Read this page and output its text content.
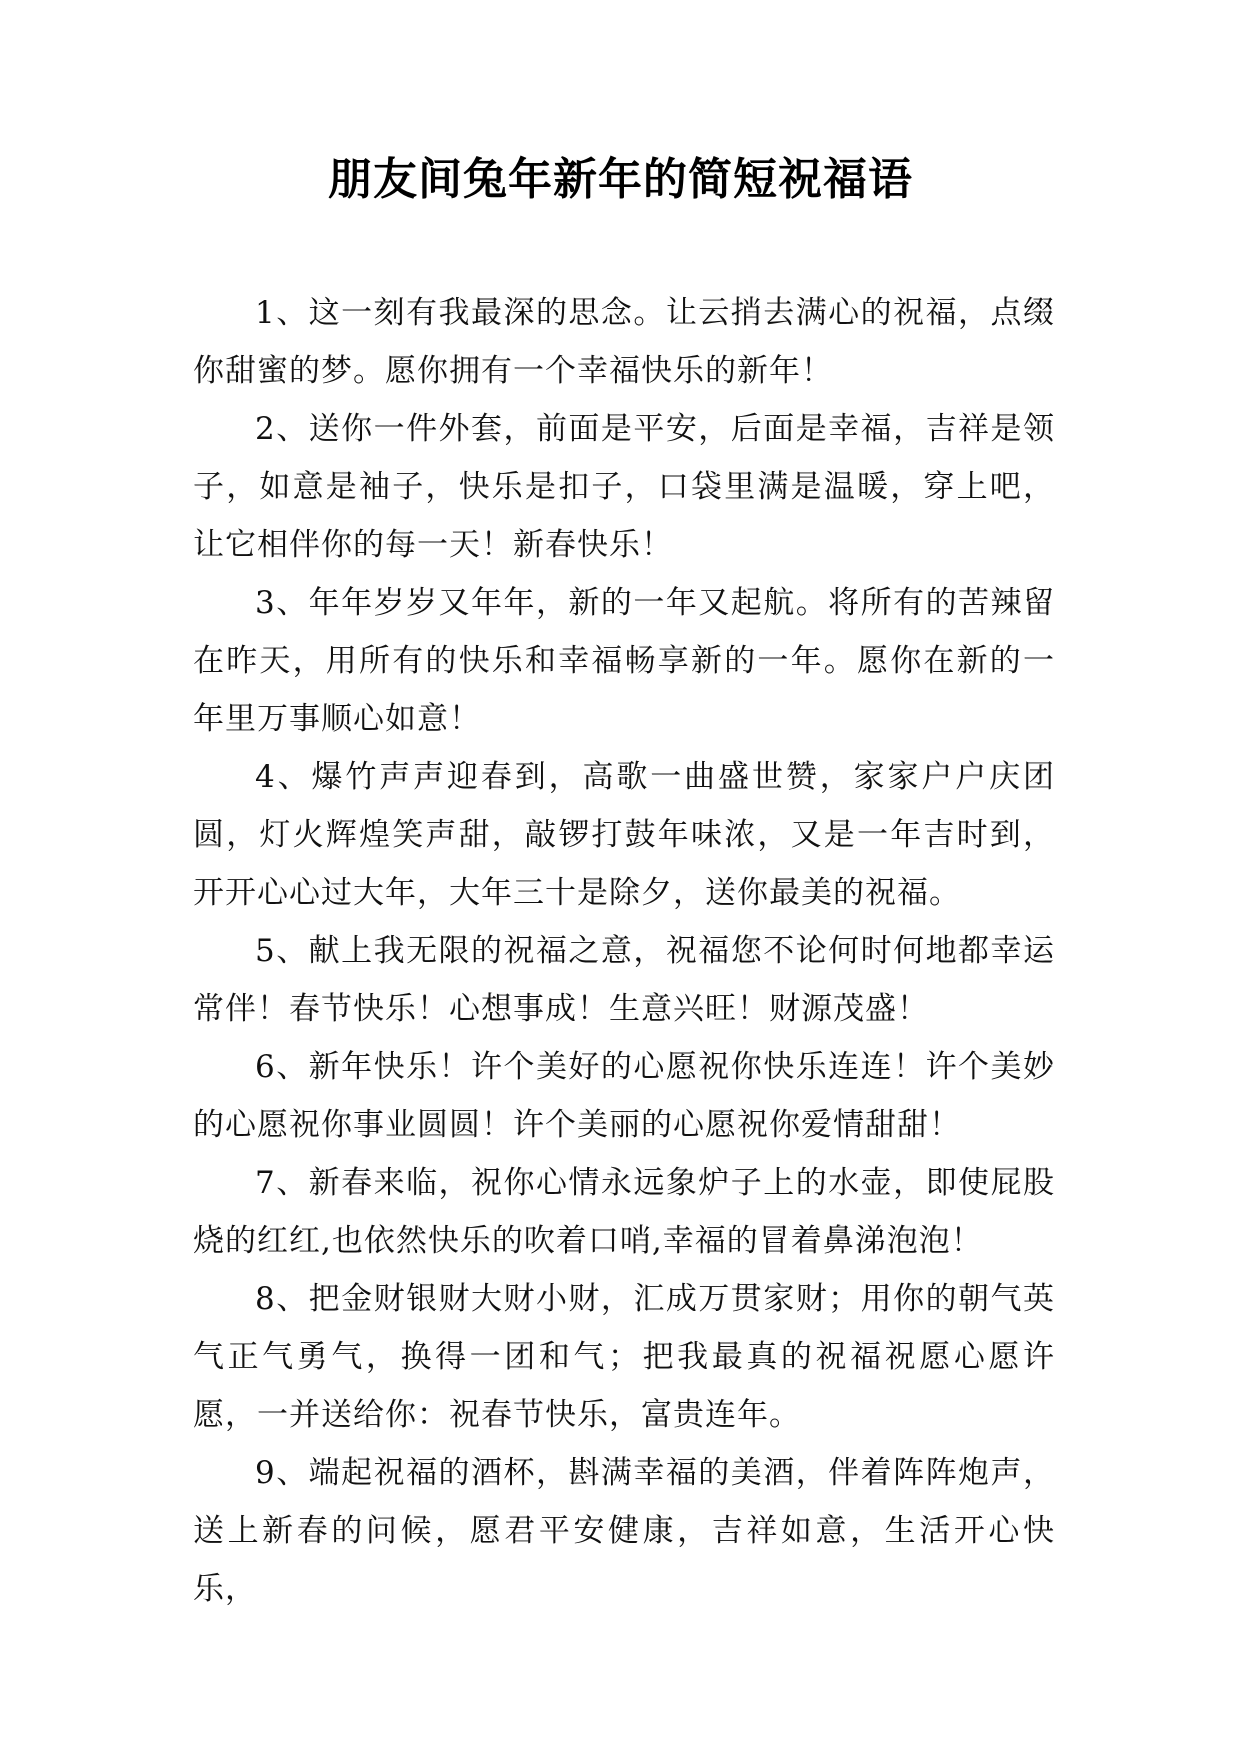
朋友间兔年新年的简短祝福语

1、这一刻有我最深的思念。让云捎去满心的祝福，点缀你甜蜜的梦。愿你拥有一个幸福快乐的新年！

2、送你一件外套，前面是平安，后面是幸福，吉祥是领子，如意是袖子，快乐是扣子，口袋里满是温暖，穿上吧，让它相伴你的每一天！新春快乐！

3、年年岁岁又年年，新的一年又起航。将所有的苦辣留在昨天，用所有的快乐和幸福畅享新的一年。愿你在新的一年里万事顺心如意！

4、爆竹声声迎春到，高歌一曲盛世赞，家家户户庆团圆，灯火辉煌笑声甜，敲锣打鼓年味浓，又是一年吉时到，开开心心过大年，大年三十是除夕，送你最美的祝福。

5、献上我无限的祝福之意，祝福您不论何时何地都幸运常伴！春节快乐！心想事成！生意兴旺！财源茂盛！

6、新年快乐！许个美好的心愿祝你快乐连连！许个美妙的心愿祝你事业圆圆！许个美丽的心愿祝你爱情甜甜！

7、新春来临，祝你心情永远象炉子上的水壶，即使屁股烧的红红,也依然快乐的吹着口哨,幸福的冒着鼻涕泡泡！

8、把金财银财大财小财，汇成万贯家财；用你的朝气英气正气勇气，换得一团和气；把我最真的祝福祝愿心愿许愿，一并送给你：祝春节快乐，富贵连年。

9、端起祝福的酒杯，斟满幸福的美酒，伴着阵阵炮声，送上新春的问候，愿君平安健康，吉祥如意，生活开心快乐，
